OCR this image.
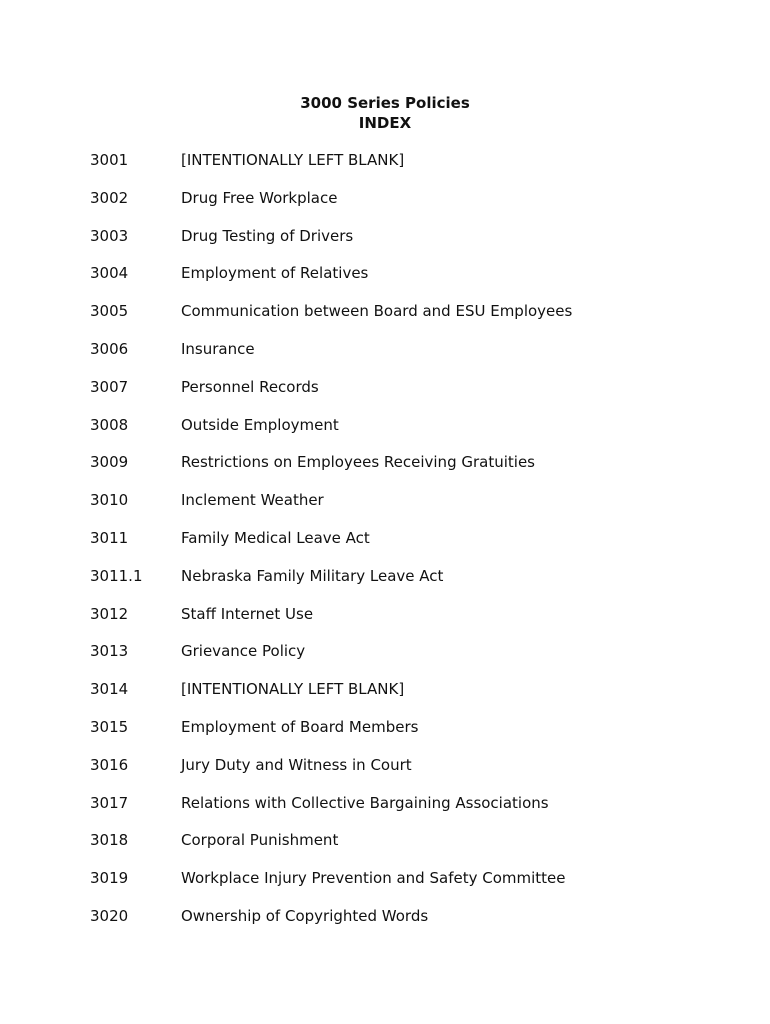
3000 Series Policies
INDEX
3001	[INTENTIONALLY LEFT BLANK]
3002	Drug Free Workplace
3003	Drug Testing of Drivers
3004	Employment of Relatives
3005	Communication between Board and ESU Employees
3006	Insurance
3007	Personnel Records
3008	Outside Employment
3009	Restrictions on Employees Receiving Gratuities
3010	Inclement Weather
3011	Family Medical Leave Act
3011.1	Nebraska Family Military Leave Act
3012	Staff Internet Use
3013	Grievance Policy
3014	[INTENTIONALLY LEFT BLANK]
3015	Employment of Board Members
3016	Jury Duty and Witness in Court
3017	Relations with Collective Bargaining Associations
3018	Corporal Punishment
3019	Workplace Injury Prevention and Safety Committee
3020	Ownership of Copyrighted Words
